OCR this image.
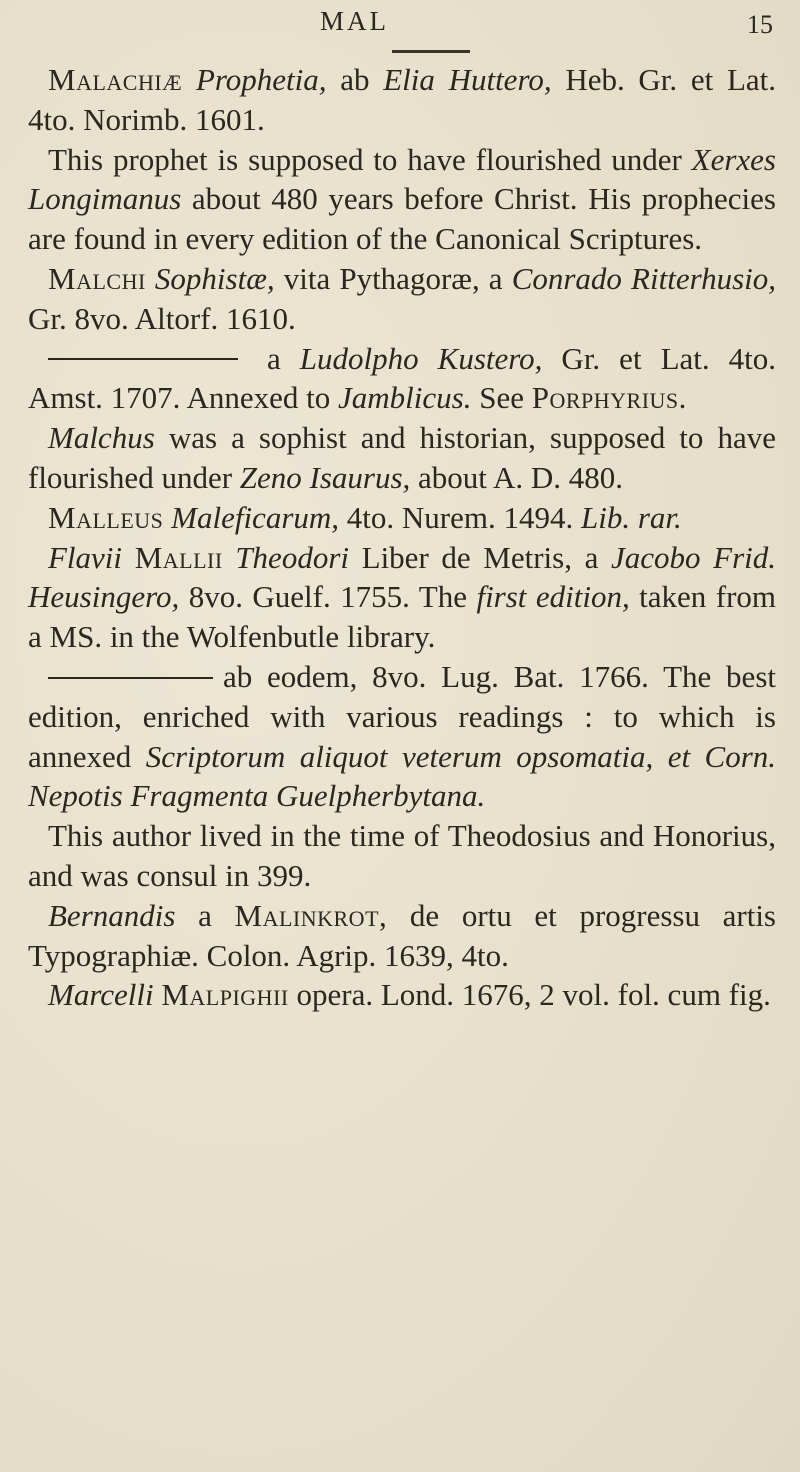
MAL	15

Malachiæ Prophetia, ab Elia Huttero, Heb. Gr. et Lat. 4to. Norimb. 1601.

This prophet is supposed to have flourished under Xerxes Longimanus about 480 years before Christ. His prophecies are found in every edition of the Canonical Scriptures.

Malchi Sophistæ, vita Pythagoræ, a Conrado Ritterhusio, Gr. 8vo. Altorf. 1610.

a Ludolpho Kustero, Gr. et Lat. 4to. Amst. 1707. Annexed to Jamblicus. See Porphyrius.

Malchus was a sophist and historian, supposed to have flourished under Zeno Isaurus, about A. D. 480.

Malleus Maleficarum, 4to. Nurem. 1494. Lib. rar.

Flavii Mallii Theodori Liber de Metris, a Jacobo Frid. Heusingero, 8vo. Guelf. 1755. The first edition, taken from a MS. in the Wolfenbutle library.

ab eodem, 8vo. Lug. Bat. 1766. The best edition, enriched with various readings : to which is annexed Scriptorum aliquot veterum opsomatia, et Corn. Nepotis Fragmenta Guelpherbytana.

This author lived in the time of Theodosius and Honorius, and was consul in 399.

Bernandis a Malinkrot, de ortu et progressu artis Typographiæ. Colon. Agrip. 1639, 4to.

Marcelli Malpighii opera. Lond. 1676, 2 vol. fol. cum fig.
